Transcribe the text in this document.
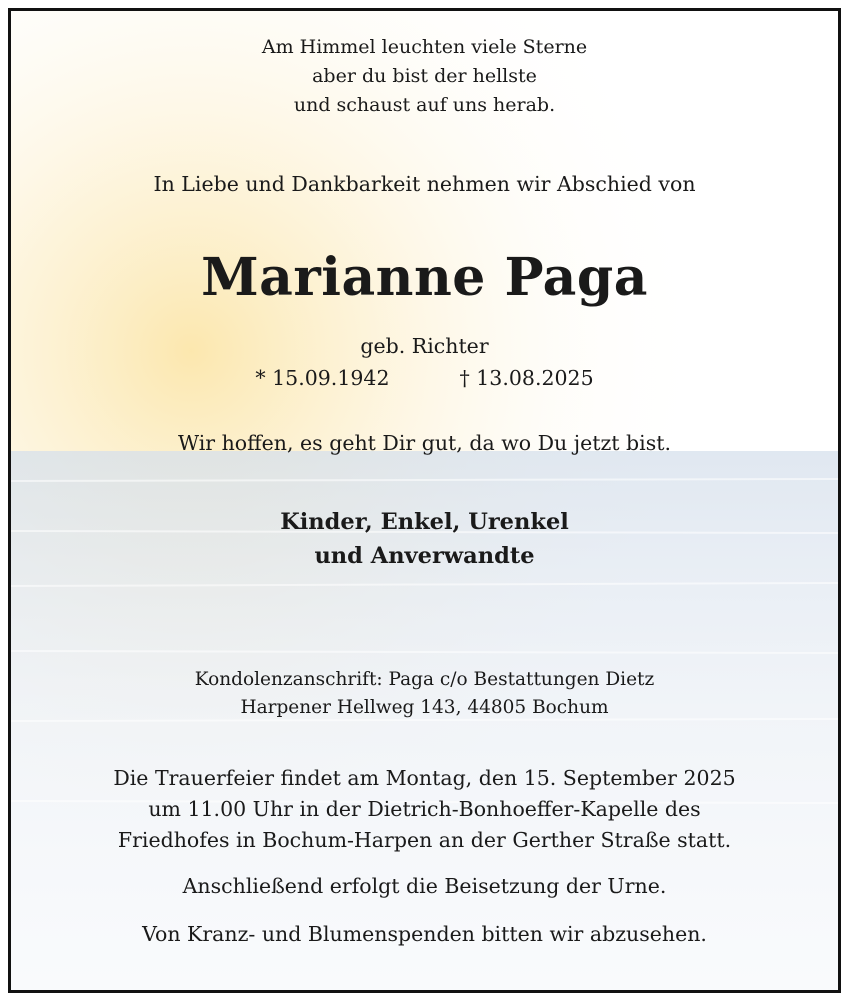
Am Himmel leuchten viele Sterne
aber du bist der hellste
und schaust auf uns herab.
In Liebe und Dankbarkeit nehmen wir Abschied von
Marianne Paga
geb. Richter
* 15.09.1942	† 13.08.2025
Wir hoffen, es geht Dir gut, da wo Du jetzt bist.
Kinder, Enkel, Urenkel
und Anverwandte
Kondolenzanschrift: Paga c/o Bestattungen Dietz
Harpener Hellweg 143, 44805 Bochum
Die Trauerfeier findet am Montag, den 15. September 2025
um 11.00 Uhr in der Dietrich-Bonhoeffer-Kapelle des
Friedhofes in Bochum-Harpen an der Gerther Straße statt.
Anschließend erfolgt die Beisetzung der Urne.
Von Kranz- und Blumenspenden bitten wir abzusehen.
